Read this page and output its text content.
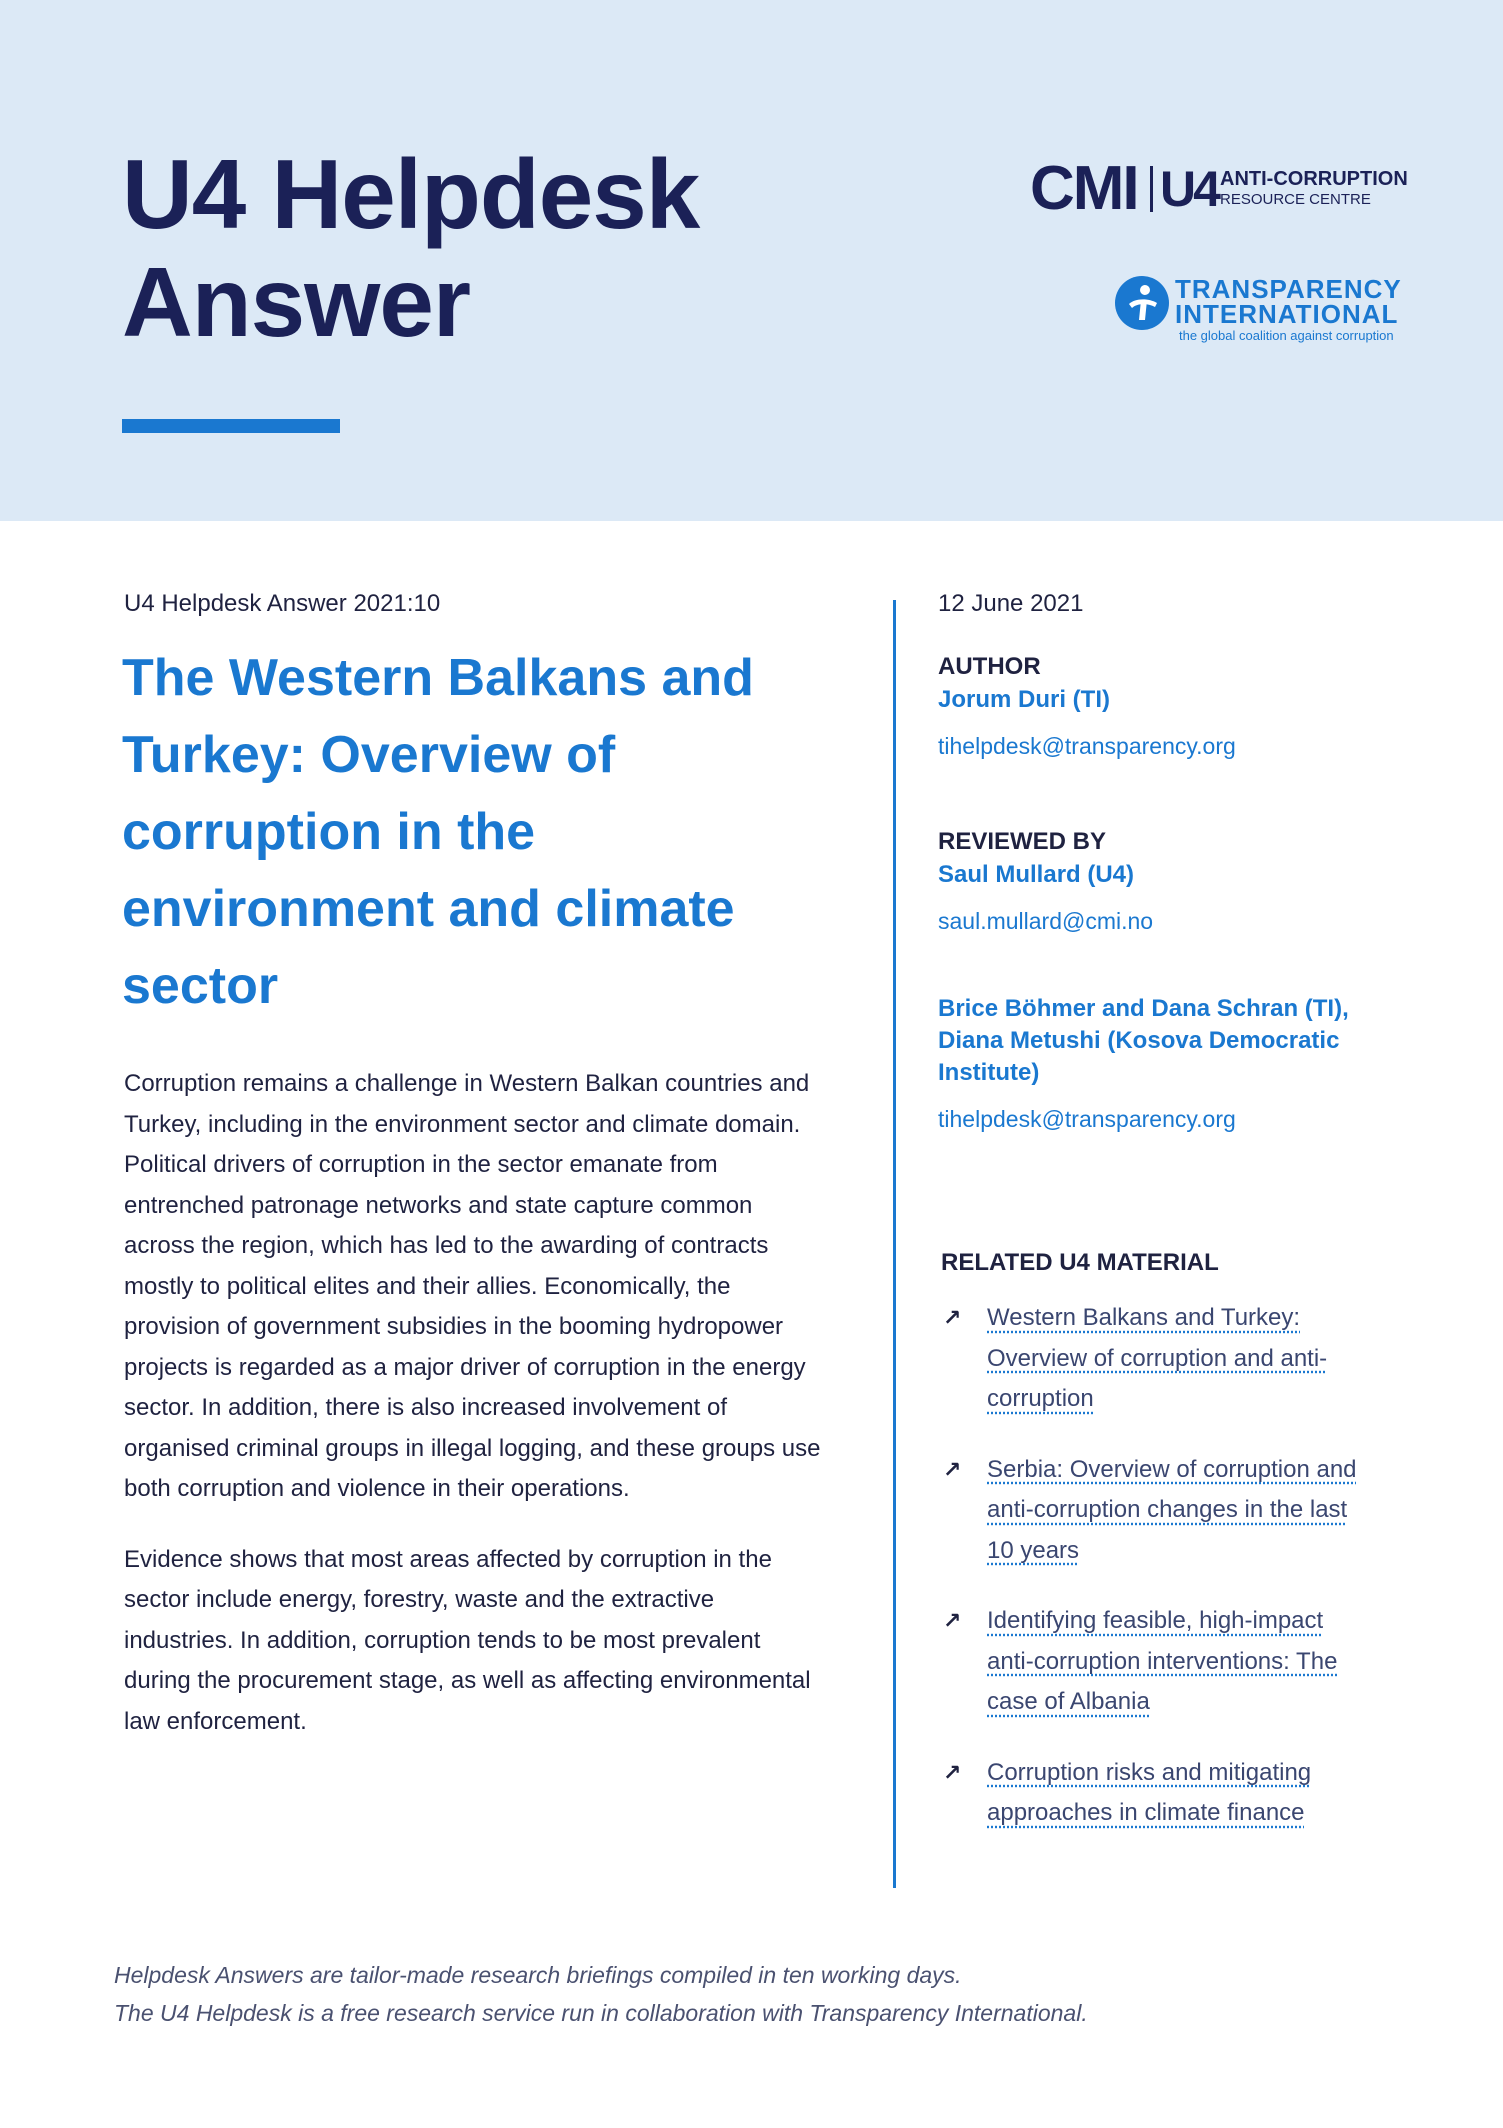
U4 Helpdesk
Answer
CMI U4 ANTI-CORRUPTION
RESOURCE CENTRE
TRANSPARENCY
INTERNATIONAL
the global coalition against corruption
U4 Helpdesk Answer 2021:10
The Western Balkans and Turkey: Overview of corruption in the environment and climate sector

Corruption remains a challenge in Western Balkan countries and Turkey, including in the environment sector and climate domain. Political drivers of corruption in the sector emanate from entrenched patronage networks and state capture common across the region, which has led to the awarding of contracts mostly to political elites and their allies. Economically, the provision of government subsidies in the booming hydropower projects is regarded as a major driver of corruption in the energy sector. In addition, there is also increased involvement of organised criminal groups in illegal logging, and these groups use both corruption and violence in their operations.

Evidence shows that most areas affected by corruption in the sector include energy, forestry, waste and the extractive industries. In addition, corruption tends to be most prevalent during the procurement stage, as well as affecting environmental law enforcement.

12 June 2021
AUTHOR
Jorum Duri (TI)
tihelpdesk@transparency.org
REVIEWED BY
Saul Mullard (U4)
saul.mullard@cmi.no
Brice Böhmer and Dana Schran (TI), Diana Metushi (Kosova Democratic Institute)
tihelpdesk@transparency.org
RELATED U4 MATERIAL
↗ Western Balkans and Turkey: Overview of corruption and anti-corruption
↗ Serbia: Overview of corruption and anti-corruption changes in the last 10 years
↗ Identifying feasible, high-impact anti-corruption interventions: The case of Albania
↗ Corruption risks and mitigating approaches in climate finance
Helpdesk Answers are tailor-made research briefings compiled in ten working days.
The U4 Helpdesk is a free research service run in collaboration with Transparency International.
